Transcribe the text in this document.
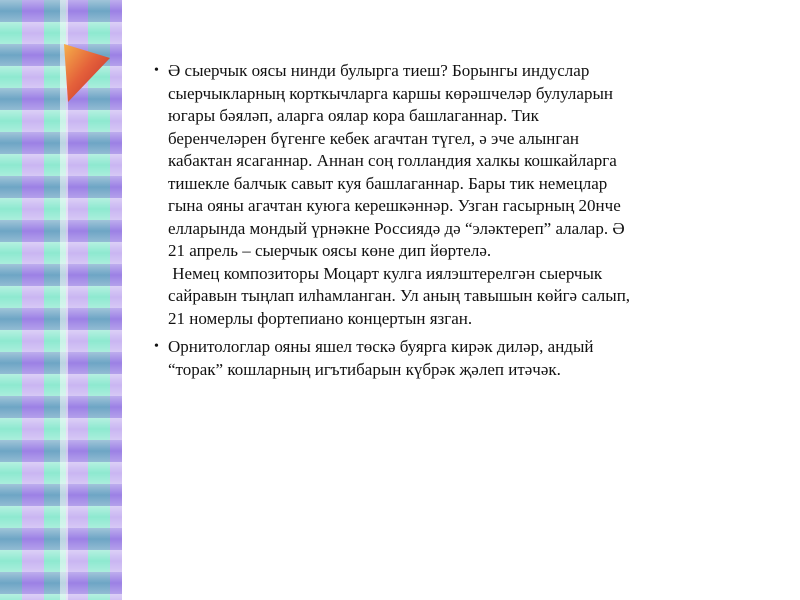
• Ә сыерчык оясы нинди булырга тиеш? Борынгы индуслар
сыерчыкларның корткычларга каршы көрәшчеләр булуларын
югары бәяләп, аларга оялар кора башлаганнар. Тик
беренчеләрен бүгенге кебек агачтан түгел, ә эче алынган
кабактан ясаганнар. Аннан соң голландия халкы кошкайларга
тишекле балчык савыт куя башлаганнар. Бары тик немецлар
гына ояны агачтан куюга керешкәннәр. Узган гасырның 20нче
елларында мондый үрнәкне Россиядә дә “эләктереп” алалар. Ә
21 апрель – сыерчык оясы көне дип йөртелә.
Немец композиторы Моцарт кулга иялэштерелгән сыерчык
сайравын тыңлап илһамланган. Ул аның тавышын көйгә салып,
21 номерлы фортепиано концертын язган.
• Орнитологлар ояны яшел төскә буярга кирәк диләр, андый
“торак” кошларның игътибарын күбрәк җәлеп итәчәк.
